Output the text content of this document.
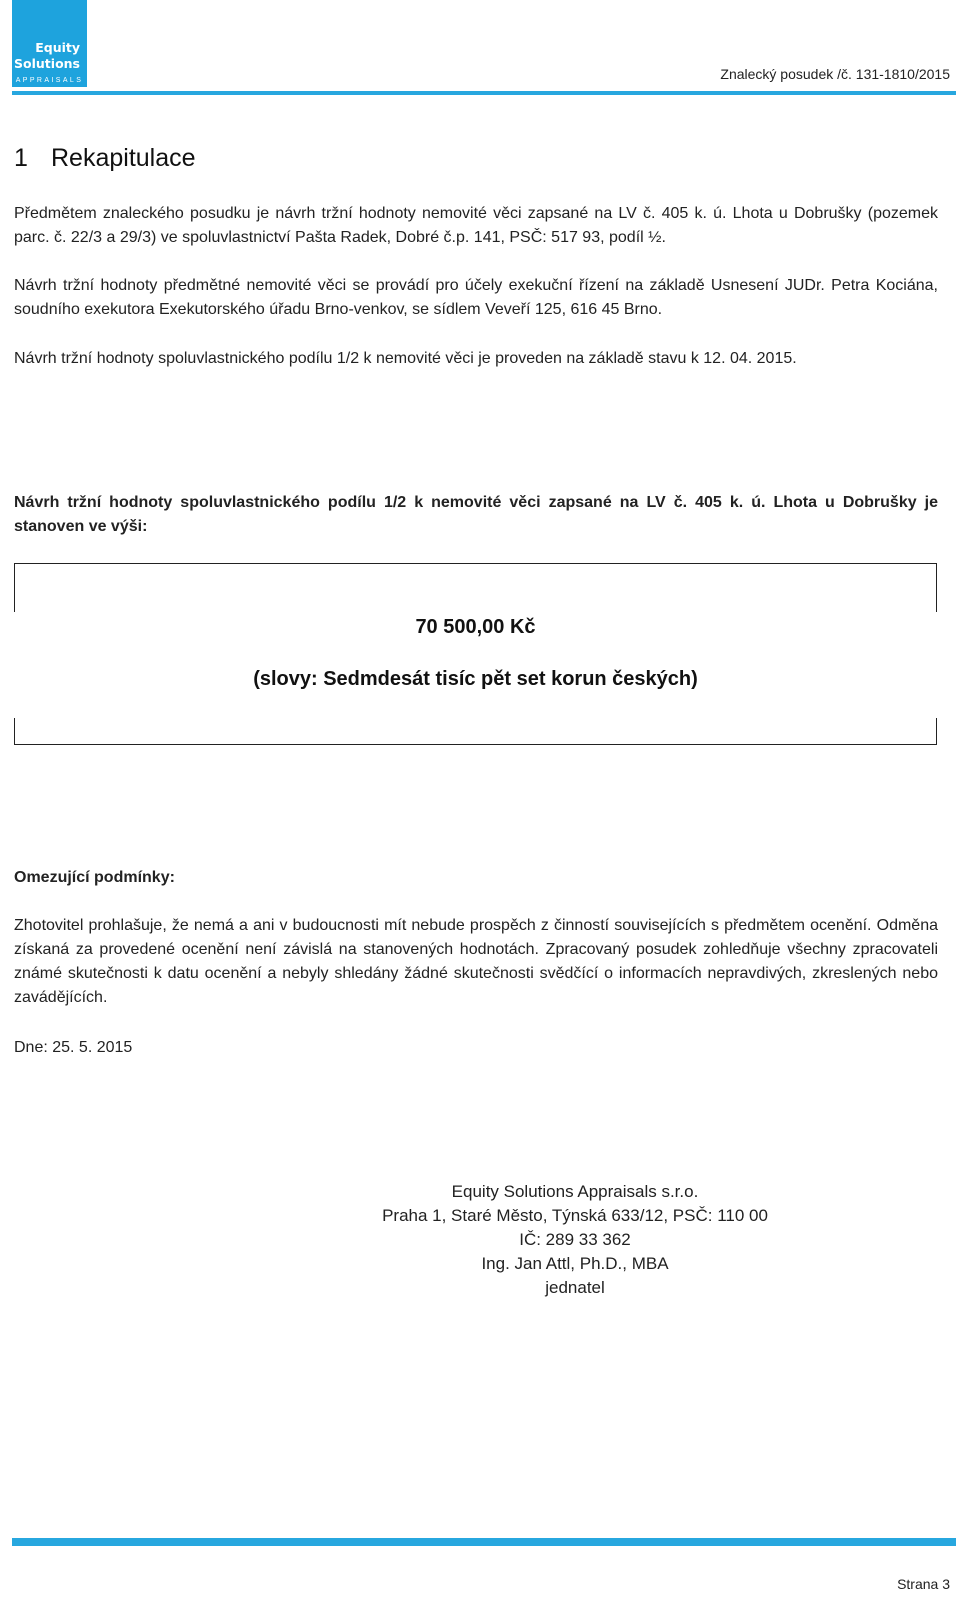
Equity
Solutions
APPRAISALS	Znalecký posudek /č. 131-1810/2015
1 Rekapitulace
Předmětem znaleckého posudku je návrh tržní hodnoty nemovité věci zapsané na LV č. 405 k. ú. Lhota u Dobrušky (pozemek parc. č. 22/3 a 29/3) ve spoluvlastnictví Pašta Radek, Dobré č.p. 141, PSČ: 517 93, podíl ½.
Návrh tržní hodnoty předmětné nemovité věci se provádí pro účely exekuční řízení na základě Usnesení JUDr. Petra Kociána, soudního exekutora Exekutorského úřadu Brno-venkov, se sídlem Veveří 125, 616 45 Brno.
Návrh tržní hodnoty spoluvlastnického podílu 1/2 k nemovité věci je proveden na základě stavu k 12. 04. 2015.
Návrh tržní hodnoty spoluvlastnického podílu 1/2 k nemovité věci zapsané na LV č. 405 k. ú. Lhota u Dobrušky je stanoven ve výši:
70 500,00 Kč
(slovy: Sedmdesát tisíc pět set korun českých)
Omezující podmínky:
Zhotovitel prohlašuje, že nemá a ani v budoucnosti mít nebude prospěch z činností souvisejících s předmětem ocenění. Odměna získaná za provedené ocenění není závislá na stanovených hodnotách. Zpracovaný posudek zohledňuje všechny zpracovateli známé skutečnosti k datu ocenění a nebyly shledány žádné skutečnosti svědčící o informacích nepravdivých, zkreslených nebo zavádějících.
Dne: 25. 5. 2015
Equity Solutions Appraisals s.r.o.
Praha 1, Staré Město, Týnská 633/12, PSČ: 110 00
IČ: 289 33 362
Ing. Jan Attl, Ph.D., MBA
jednatel
Strana 3
